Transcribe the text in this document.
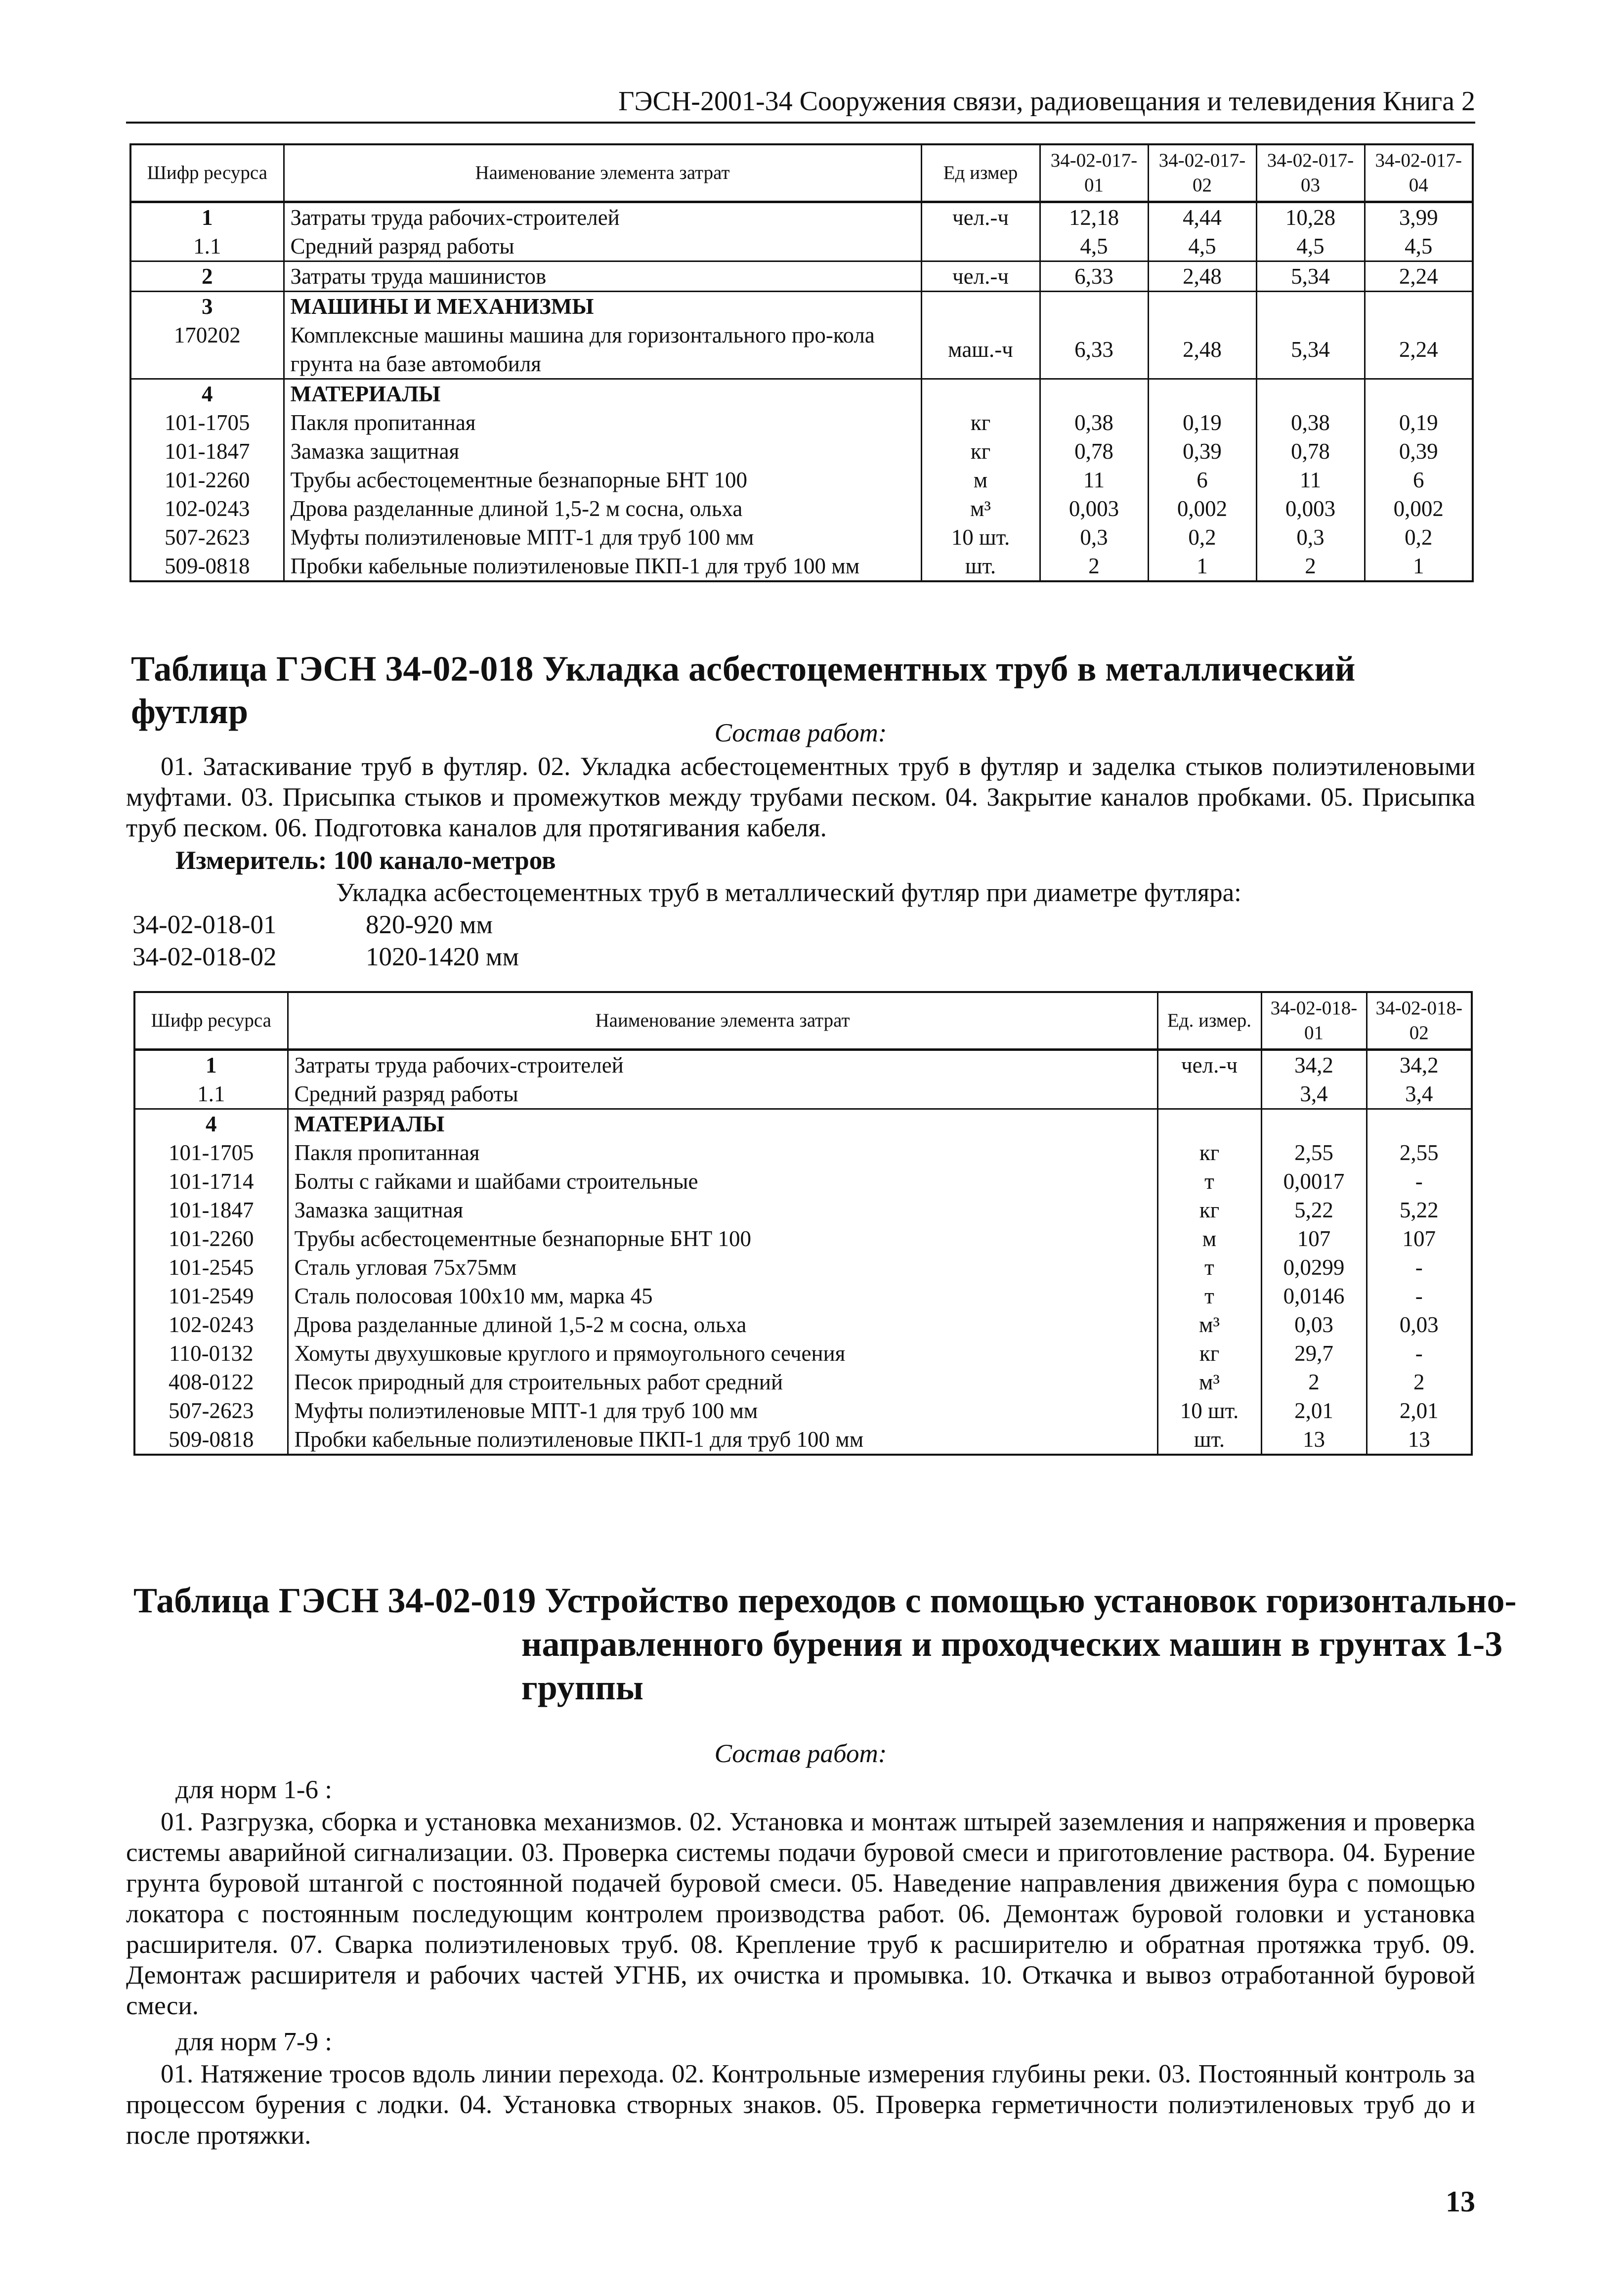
ГЭСН-2001-34 Сооружения связи, радиовещания и телевидения Книга 2
Шифр ресурса	Наименование элемента затрат	Ед измер	34-02-017-01	34-02-017-02	34-02-017-03	34-02-017-04
1	Затраты труда рабочих-строителей	чел.-ч	12,18	4,44	10,28	3,99
1.1	Средний разряд работы		4,5	4,5	4,5	4,5
2	Затраты труда машинистов	чел.-ч	6,33	2,48	5,34	2,24
3	МАШИНЫ И МЕХАНИЗМЫ					
170202	Комплексные машины машина для горизонтального про-кола грунта на базе автомобиля	маш.-ч	6,33	2,48	5,34	2,24
4	МАТЕРИАЛЫ					
101-1705	Пакля пропитанная	кг	0,38	0,19	0,38	0,19
101-1847	Замазка защитная	кг	0,78	0,39	0,78	0,39
101-2260	Трубы асбестоцементные безнапорные БНТ 100	м	11	6	11	6
102-0243	Дрова разделанные длиной 1,5-2 м сосна, ольха	м³	0,003	0,002	0,003	0,002
507-2623	Муфты полиэтиленовые МПТ-1 для труб 100 мм	10 шт.	0,3	0,2	0,3	0,2
509-0818	Пробки кабельные полиэтиленовые ПКП-1 для труб 100 мм	шт.	2	1	2	1
Таблица ГЭСН 34-02-018 Укладка асбестоцементных труб в металлический футляр
Состав работ:

01. Затаскивание труб в футляр. 02. Укладка асбестоцементных труб в футляр и заделка стыков полиэтиленовыми муфтами. 03. Присыпка стыков и промежутков между трубами песком. 04. Закрытие каналов пробками. 05. Присыпка труб песком. 06. Подготовка каналов для протягивания кабеля.

Измеритель: 100 канало-метров
Укладка асбестоцементных труб в металлический футляр при диаметре футляра:
34-02-018-01	820-920 мм
34-02-018-02	1020-1420 мм
Шифр ресурса	Наименование элемента затрат	Ед. измер.	34-02-018-01	34-02-018-02
1	Затраты труда рабочих-строителей	чел.-ч	34,2	34,2
1.1	Средний разряд работы		3,4	3,4
4	МАТЕРИАЛЫ			
101-1705	Пакля пропитанная	кг	2,55	2,55
101-1714	Болты с гайками и шайбами строительные	т	0,0017	-
101-1847	Замазка защитная	кг	5,22	5,22
101-2260	Трубы асбестоцементные безнапорные БНТ 100	м	107	107
101-2545	Сталь угловая 75х75мм	т	0,0299	-
101-2549	Сталь полосовая 100х10 мм, марка 45	т	0,0146	-
102-0243	Дрова разделанные длиной 1,5-2 м сосна, ольха	м³	0,03	0,03
110-0132	Хомуты двухушковые круглого и прямоугольного сечения	кг	29,7	-
408-0122	Песок природный для строительных работ средний	м³	2	2
507-2623	Муфты полиэтиленовые МПТ-1 для труб 100 мм	10 шт.	2,01	2,01
509-0818	Пробки кабельные полиэтиленовые ПКП-1 для труб 100 мм	шт.	13	13
Таблица ГЭСН 34-02-019 Устройство переходов с помощью установок горизонтально-
направленного бурения и проходческих машин в грунтах 1-3
группы
Состав работ:
для норм 1-6 :

01. Разгрузка, сборка и установка механизмов. 02. Установка и монтаж штырей заземления и напряжения и проверка системы аварийной сигнализации. 03. Проверка системы подачи буровой смеси и приготовление раствора. 04. Бурение грунта буровой штангой с постоянной подачей буровой смеси. 05. Наведение направления движения бура с помощью локатора с постоянным последующим контролем производства работ. 06. Демонтаж буровой головки и установка расширителя. 07. Сварка полиэтиленовых труб. 08. Крепление труб к расширителю и обратная протяжка труб. 09. Демонтаж расширителя и рабочих частей УГНБ, их очистка и промывка. 10. Откачка и вывоз отработанной буровой смеси.

для норм 7-9 :

01. Натяжение тросов вдоль линии перехода. 02. Контрольные измерения глубины реки. 03. Постоянный контроль за процессом бурения с лодки. 04. Установка створных знаков. 05. Проверка герметичности полиэтиленовых труб до и после протяжки.

13
